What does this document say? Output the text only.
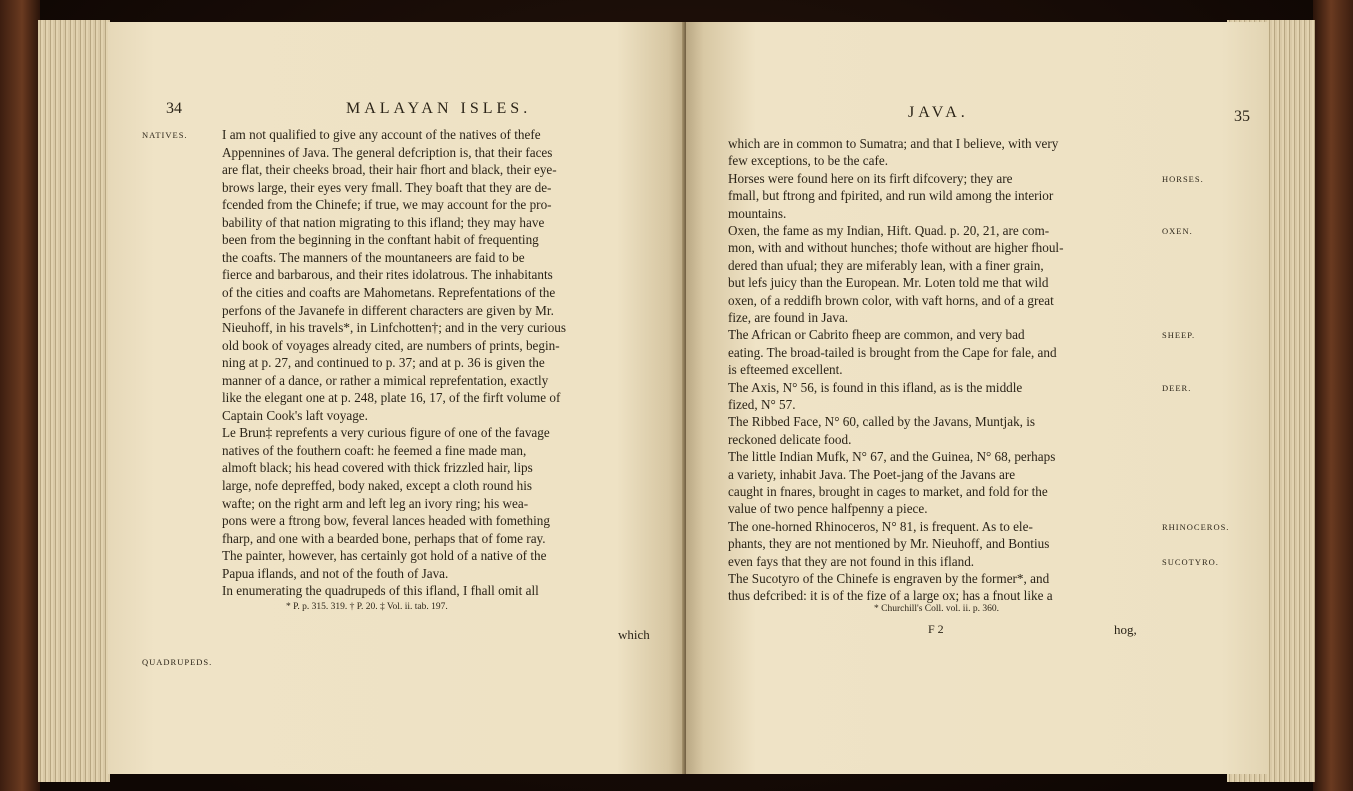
34	MALAYAN ISLES.
NATIVES.
QUADRUPEDS.
I am not qualified to give any account of the natives of thefe
Appennines of Java. The general defcription is, that their faces
are flat, their cheeks broad, their hair fhort and black, their eye-
brows large, their eyes very fmall. They boaft that they are de-
fcended from the Chinefe; if true, we may account for the pro-
bability of that nation migrating to this ifland; they may have
been from the beginning in the conftant habit of frequenting
the coafts. The manners of the mountaneers are faid to be
fierce and barbarous, and their rites idolatrous. The inhabitants
of the cities and coafts are Mahometans. Reprefentations of the
perfons of the Javanefe in different characters are given by Mr.
Nieuhoff, in his travels*, in Linfchotten†; and in the very curious
old book of voyages already cited, are numbers of prints, begin-
ning at p. 27, and continued to p. 37; and at p. 36 is given the
manner of a dance, or rather a mimical reprefentation, exactly
like the elegant one at p. 248, plate 16, 17, of the firft volume of
Captain Cook's laft voyage.
Le Brun‡ reprefents a very curious figure of one of the favage
natives of the fouthern coaft: he feemed a fine made man,
almoft black; his head covered with thick frizzled hair, lips
large, nofe depreffed, body naked, except a cloth round his
wafte; on the right arm and left leg an ivory ring; his wea-
pons were a ftrong bow, feveral lances headed with fomething
fharp, and one with a bearded bone, perhaps that of fome ray.
The painter, however, has certainly got hold of a native of the
Papua iflands, and not of the fouth of Java.
In enumerating the quadrupeds of this ifland, I fhall omit all
* P. p. 315. 319. † P. 20. ‡ Vol. ii. tab. 197.
which
JAVA.	35
HORSES.
OXEN.
SHEEP.
DEER.
RHINOCEROS.
SUCOTYRO.
which are in common to Sumatra; and that I believe, with very
few exceptions, to be the cafe.
Horses were found here on its firft difcovery; they are
fmall, but ftrong and fpirited, and run wild among the interior
mountains.
Oxen, the fame as my Indian, Hift. Quad. p. 20, 21, are com-
mon, with and without hunches; thofe without are higher fhoul-
dered than ufual; they are miferably lean, with a finer grain,
but lefs juicy than the European. Mr. Loten told me that wild
oxen, of a reddifh brown color, with vaft horns, and of a great
fize, are found in Java.
The African or Cabrito fheep are common, and very bad
eating. The broad-tailed is brought from the Cape for fale, and
is efteemed excellent.
The Axis, N° 56, is found in this ifland, as is the middle
fized, N° 57.
The Ribbed Face, N° 60, called by the Javans, Muntjak, is
reckoned delicate food.
The little Indian Mufk, N° 67, and the Guinea, N° 68, perhaps
a variety, inhabit Java. The Poet-jang of the Javans are
caught in fnares, brought in cages to market, and fold for the
value of two pence halfpenny a piece.
The one-horned Rhinoceros, N° 81, is frequent. As to ele-
phants, they are not mentioned by Mr. Nieuhoff, and Bontius
even fays that they are not found in this ifland.
The Sucotyro of the Chinefe is engraven by the former*, and
thus defcribed: it is of the fize of a large ox; has a fnout like a
* Churchill's Coll. vol. ii. p. 360.
F 2	hog,
